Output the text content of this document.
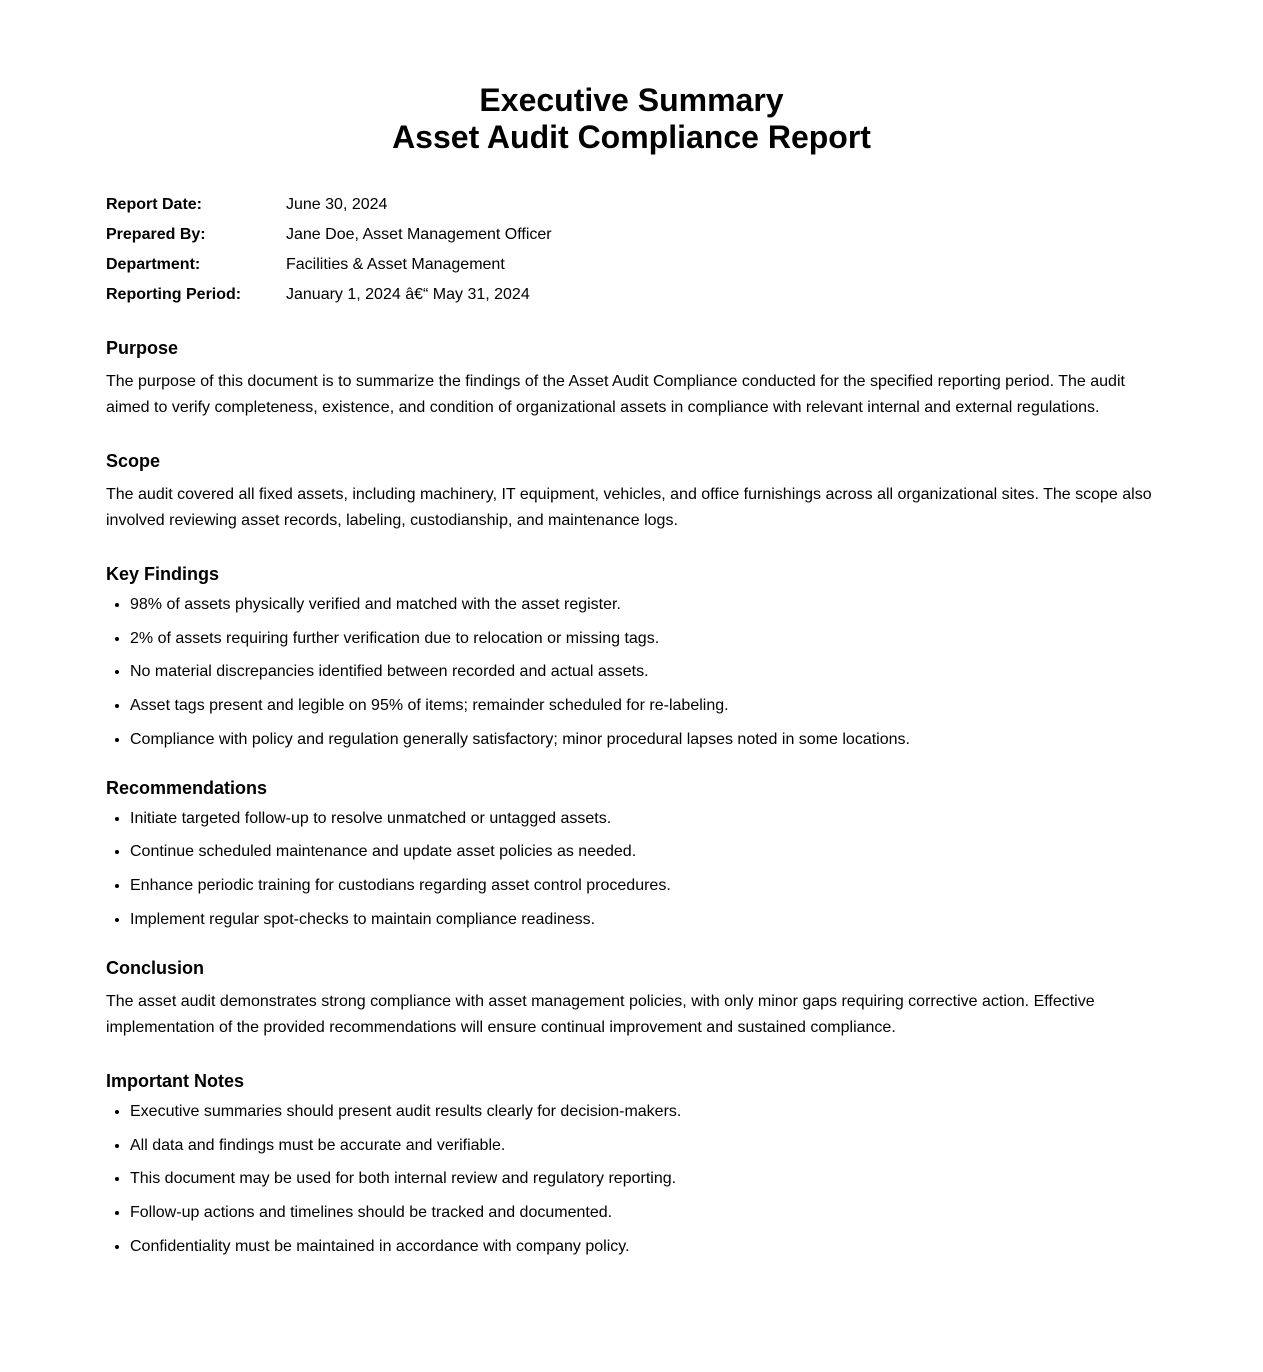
Executive Summary
Asset Audit Compliance Report
Report Date:	June 30, 2024
Prepared By:	Jane Doe, Asset Management Officer
Department:	Facilities & Asset Management
Reporting Period:	January 1, 2024 â€“ May 31, 2024
Purpose

The purpose of this document is to summarize the findings of the Asset Audit Compliance conducted for the specified reporting period. The audit aimed to verify completeness, existence, and condition of organizational assets in compliance with relevant internal and external regulations.

Scope

The audit covered all fixed assets, including machinery, IT equipment, vehicles, and office furnishings across all organizational sites. The scope also involved reviewing asset records, labeling, custodianship, and maintenance logs.

Key Findings
• 98% of assets physically verified and matched with the asset register.
• 2% of assets requiring further verification due to relocation or missing tags.
• No material discrepancies identified between recorded and actual assets.
• Asset tags present and legible on 95% of items; remainder scheduled for re-labeling.
• Compliance with policy and regulation generally satisfactory; minor procedural lapses noted in some locations.
Recommendations
• Initiate targeted follow-up to resolve unmatched or untagged assets.
• Continue scheduled maintenance and update asset policies as needed.
• Enhance periodic training for custodians regarding asset control procedures.
• Implement regular spot-checks to maintain compliance readiness.
Conclusion

The asset audit demonstrates strong compliance with asset management policies, with only minor gaps requiring corrective action. Effective implementation of the provided recommendations will ensure continual improvement and sustained compliance.

Important Notes
• Executive summaries should present audit results clearly for decision-makers.
• All data and findings must be accurate and verifiable.
• This document may be used for both internal review and regulatory reporting.
• Follow-up actions and timelines should be tracked and documented.
• Confidentiality must be maintained in accordance with company policy.
